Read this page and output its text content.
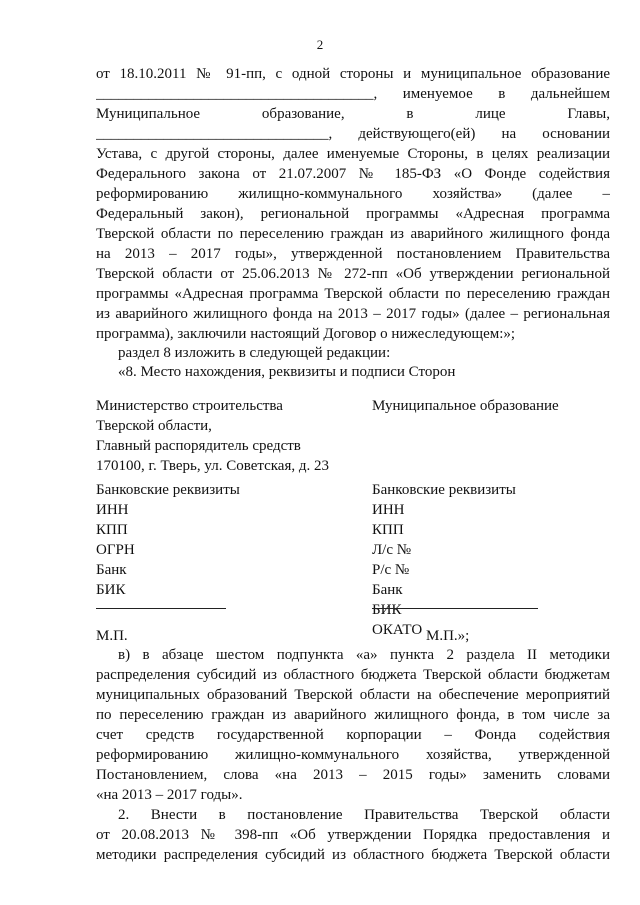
2
от 18.10.2011 № 91-пп, с одной стороны и муниципальное образование
_____________________________________, именуемое в дальнейшем
Муниципальное образование, в лице Главы,
_______________________________, действующего(ей) на основании
Устава, с другой стороны, далее именуемые Стороны, в целях реализации
Федерального закона от 21.07.2007 № 185-ФЗ «О Фонде содействия
реформированию жилищно-коммунального хозяйства» (далее –
Федеральный закон), региональной программы «Адресная программа
Тверской области по переселению граждан из аварийного жилищного фонда
на 2013 – 2017 годы», утвержденной постановлением Правительства
Тверской области от 25.06.2013 № 272-пп «Об утверждении региональной
программы «Адресная программа Тверской области по переселению граждан
из аварийного жилищного фонда на 2013 – 2017 годы» (далее – региональная
программа), заключили настоящий Договор о нижеследующем:»;
раздел 8 изложить в следующей редакции:
«8. Место нахождения, реквизиты и подписи Сторон
Министерство строительства
Тверской области,
Главный распорядитель средств
170100, г. Тверь, ул. Советская, д. 23
Банковские реквизиты
ИНН
КПП
ОГРН
Банк
БИК
Муниципальное образование
Банковские реквизиты
ИНН
КПП
Л/с №
Р/с №
Банк
БИК
ОКАТО
М.П.	М.П.»;
в) в абзаце шестом подпункта «а» пункта 2 раздела II методики
распределения субсидий из областного бюджета Тверской области бюджетам
муниципальных образований Тверской области на обеспечение мероприятий
по переселению граждан из аварийного жилищного фонда, в том числе за
счет средств государственной корпорации – Фонда содействия
реформированию жилищно-коммунального хозяйства, утвержденной
Постановлением, слова «на 2013 – 2015 годы» заменить словами
«на 2013 – 2017 годы».
2. Внести в постановление Правительства Тверской области
от 20.08.2013 № 398-пп «Об утверждении Порядка предоставления и
методики распределения субсидий из областного бюджета Тверской области
